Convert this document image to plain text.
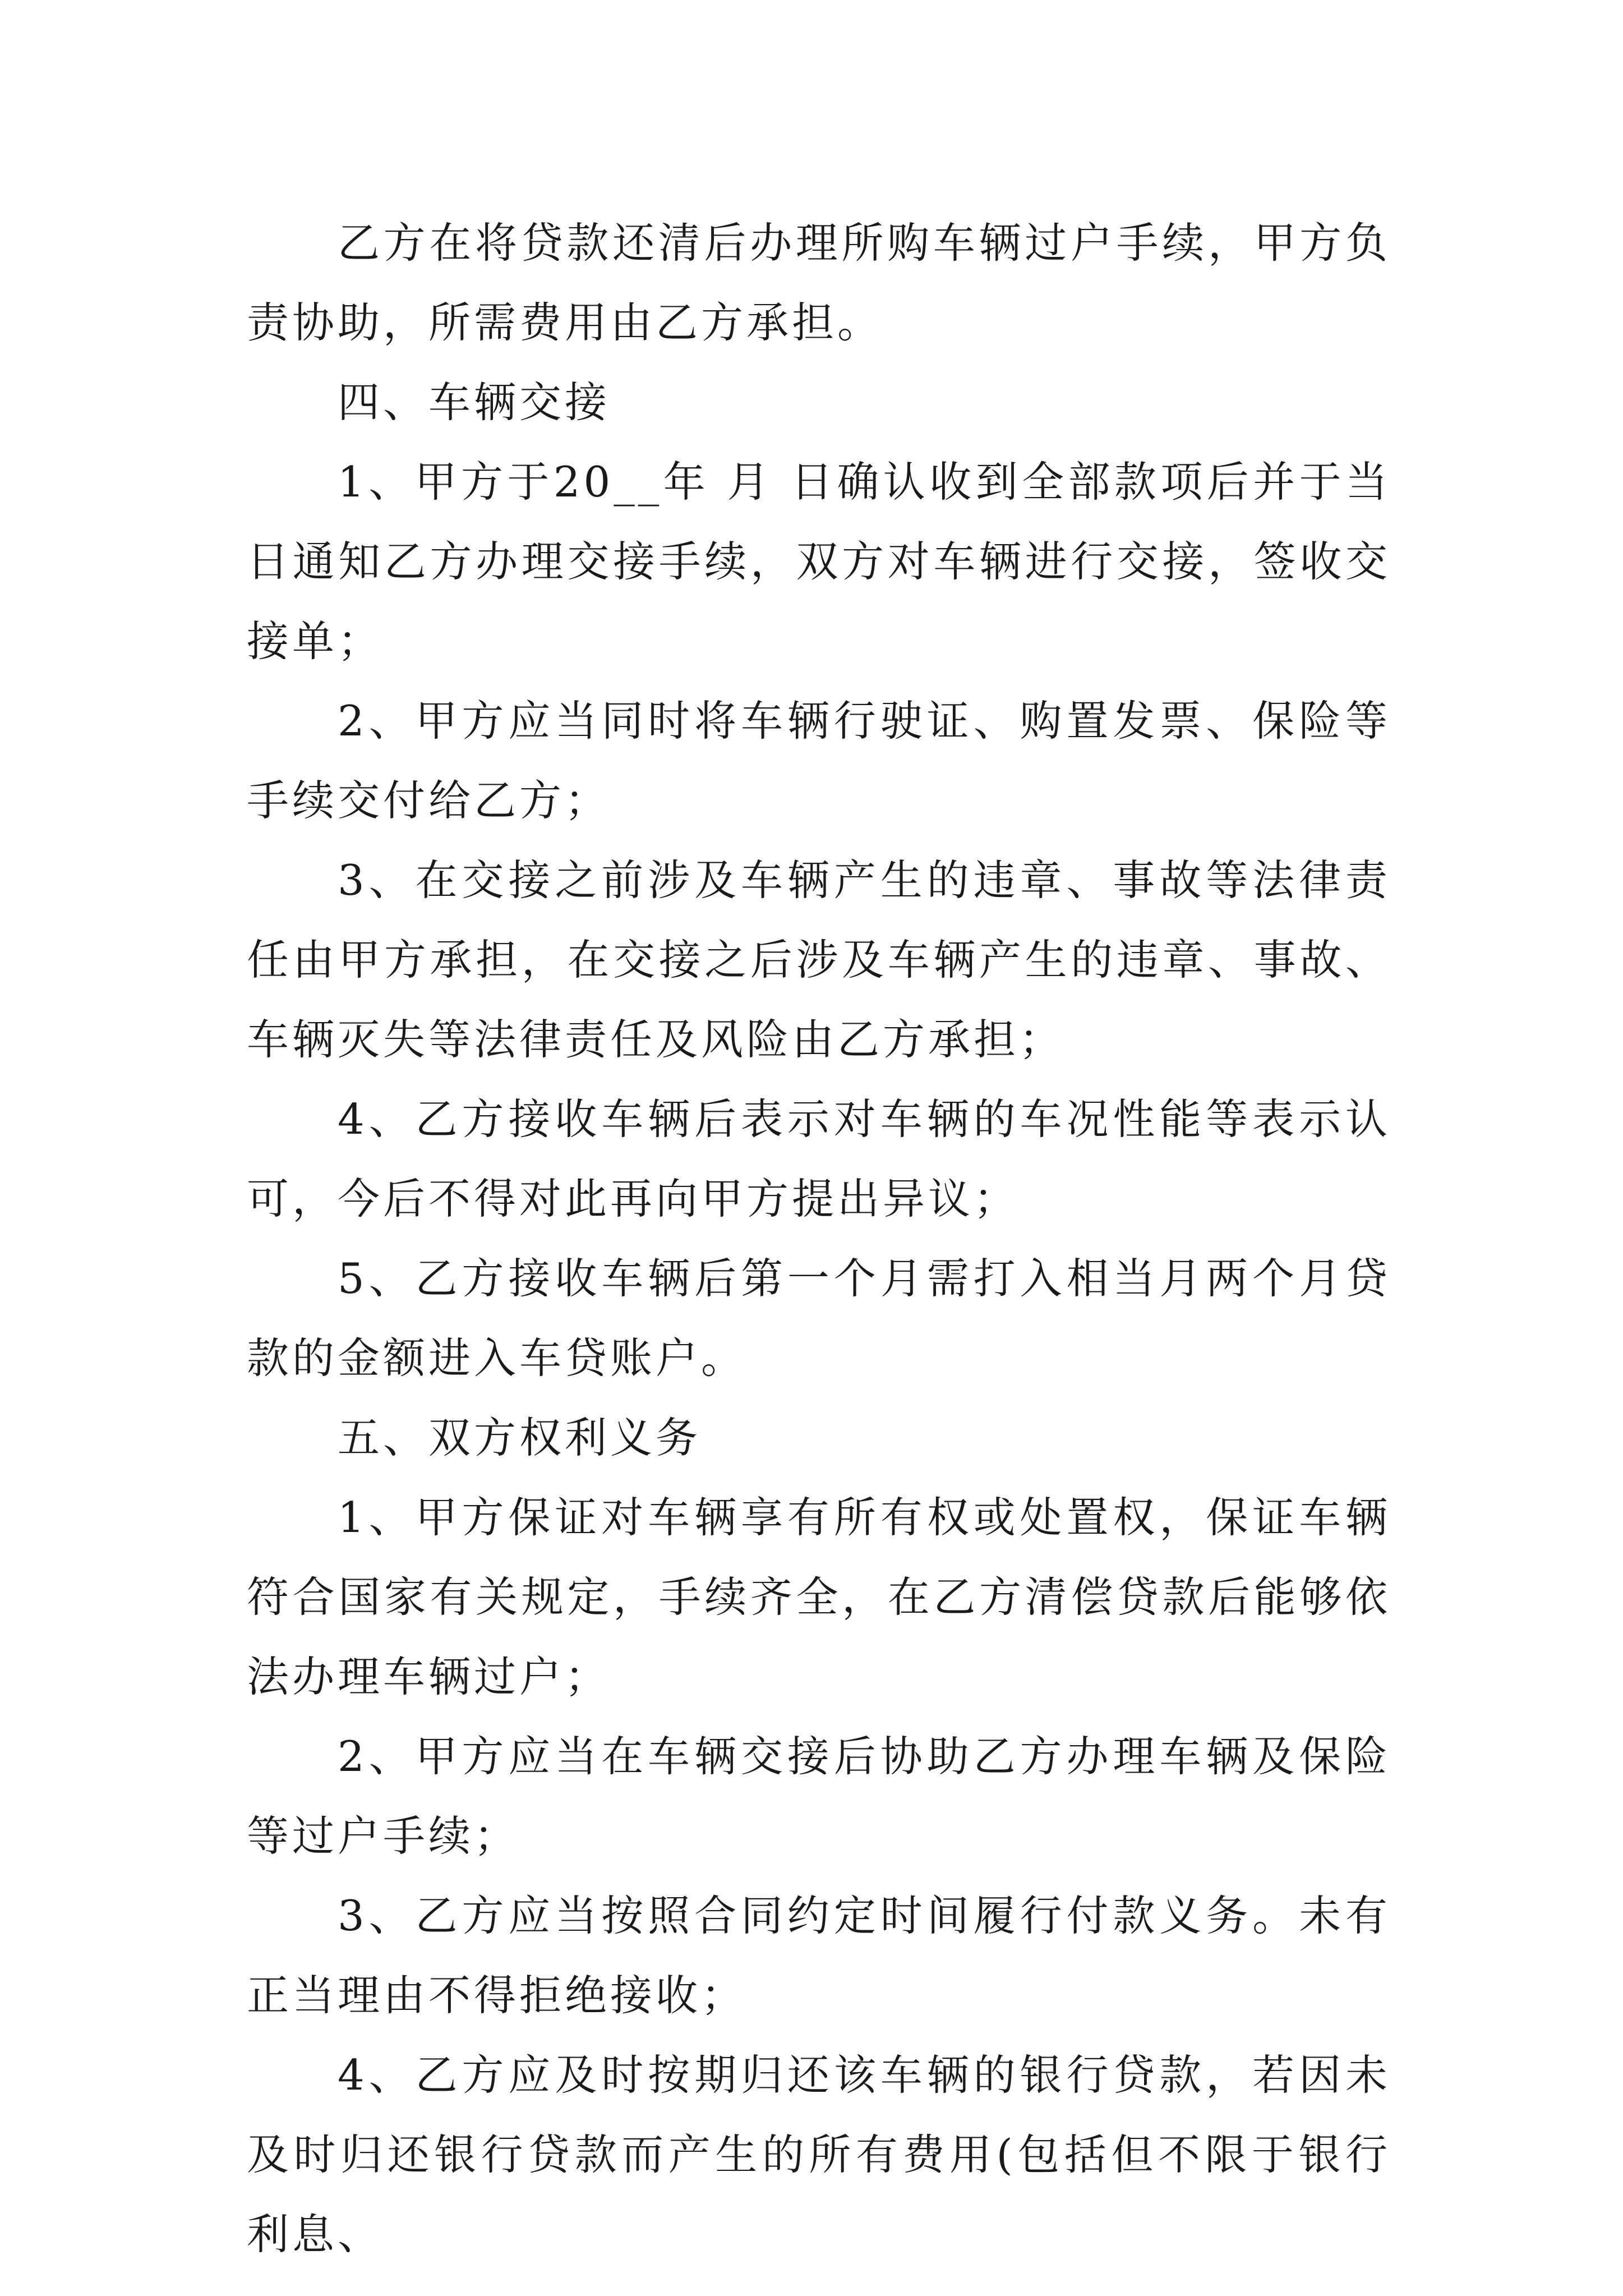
乙方在将贷款还清后办理所购车辆过户手续，甲方负责协助，所需费用由乙方承担。

四、车辆交接

1、甲方于20__年 月 日确认收到全部款项后并于当日通知乙方办理交接手续，双方对车辆进行交接，签收交接单；

2、甲方应当同时将车辆行驶证、购置发票、保险等手续交付给乙方；

3、在交接之前涉及车辆产生的违章、事故等法律责任由甲方承担，在交接之后涉及车辆产生的违章、事故、车辆灭失等法律责任及风险由乙方承担；

4、乙方接收车辆后表示对车辆的车况性能等表示认可，今后不得对此再向甲方提出异议；

5、乙方接收车辆后第一个月需打入相当月两个月贷款的金额进入车贷账户。

五、双方权利义务

1、甲方保证对车辆享有所有权或处置权，保证车辆符合国家有关规定，手续齐全，在乙方清偿贷款后能够依法办理车辆过户；

2、甲方应当在车辆交接后协助乙方办理车辆及保险等过户手续；

3、乙方应当按照合同约定时间履行付款义务。未有正当理由不得拒绝接收；

4、乙方应及时按期归还该车辆的银行贷款，若因未及时归还银行贷款而产生的所有费用(包括但不限于银行利息、
